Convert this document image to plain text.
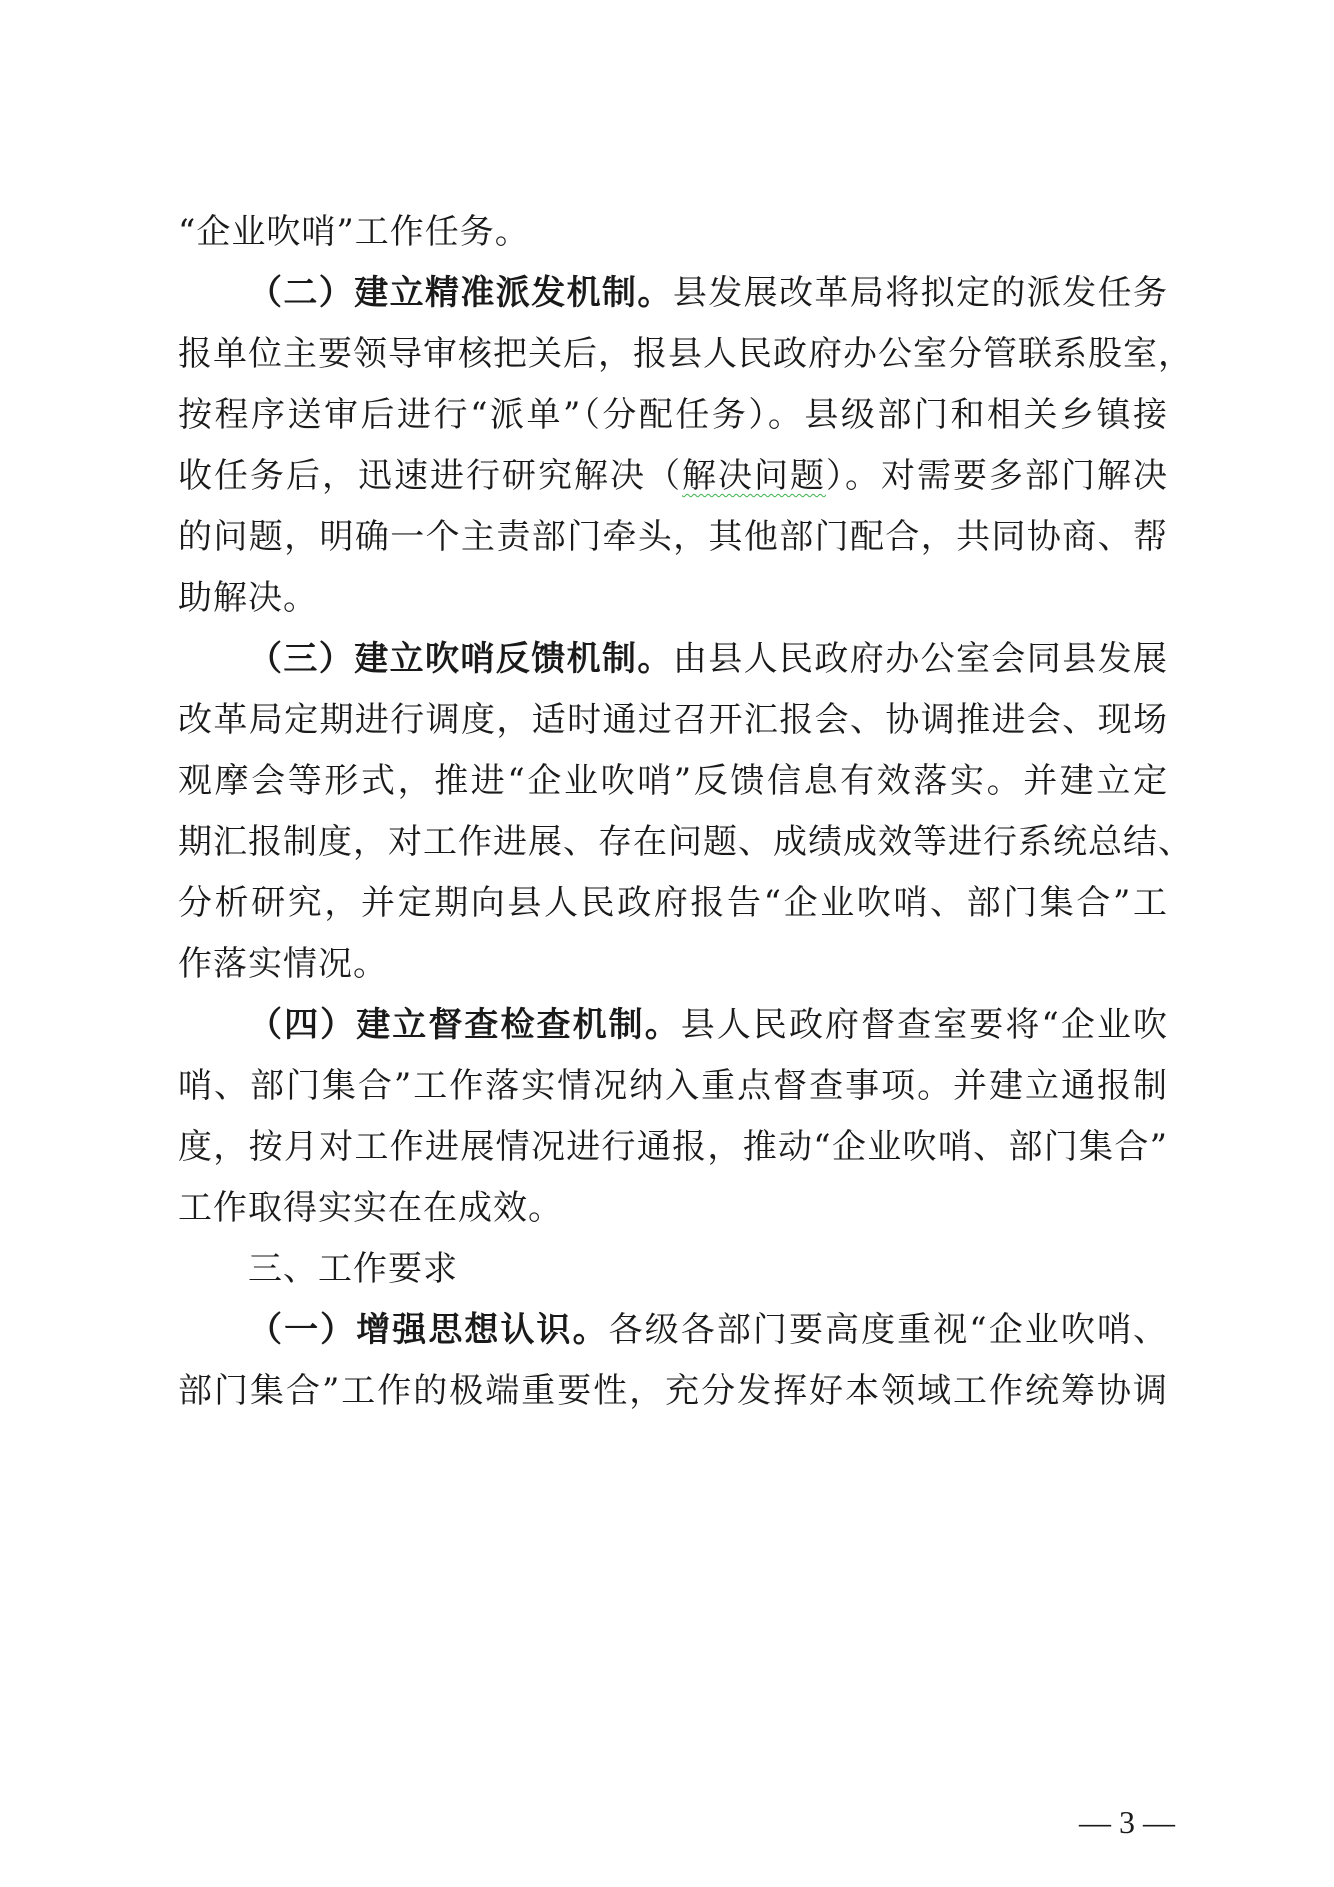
“企业吹哨”工作任务。
（二）建立精准派发机制。县发展改革局将拟定的派发任务
报单位主要领导审核把关后，报县人民政府办公室分管联系股室，
按程序送审后进行“派单”（分配任务）。县级部门和相关乡镇接
收任务后，迅速进行研究解决（解决问题）。对需要多部门解决
的问题，明确一个主责部门牵头，其他部门配合，共同协商、帮
助解决。
（三）建立吹哨反馈机制。由县人民政府办公室会同县发展
改革局定期进行调度，适时通过召开汇报会、协调推进会、现场
观摩会等形式，推进“企业吹哨”反馈信息有效落实。并建立定
期汇报制度，对工作进展、存在问题、成绩成效等进行系统总结、
分析研究，并定期向县人民政府报告“企业吹哨、部门集合”工
作落实情况。
（四）建立督查检查机制。县人民政府督查室要将“企业吹
哨、部门集合”工作落实情况纳入重点督查事项。并建立通报制
度，按月对工作进展情况进行通报，推动“企业吹哨、部门集合”
工作取得实实在在成效。
三、工作要求
（一）增强思想认识。各级各部门要高度重视“企业吹哨、
部门集合”工作的极端重要性，充分发挥好本领域工作统筹协调
— 3 —
